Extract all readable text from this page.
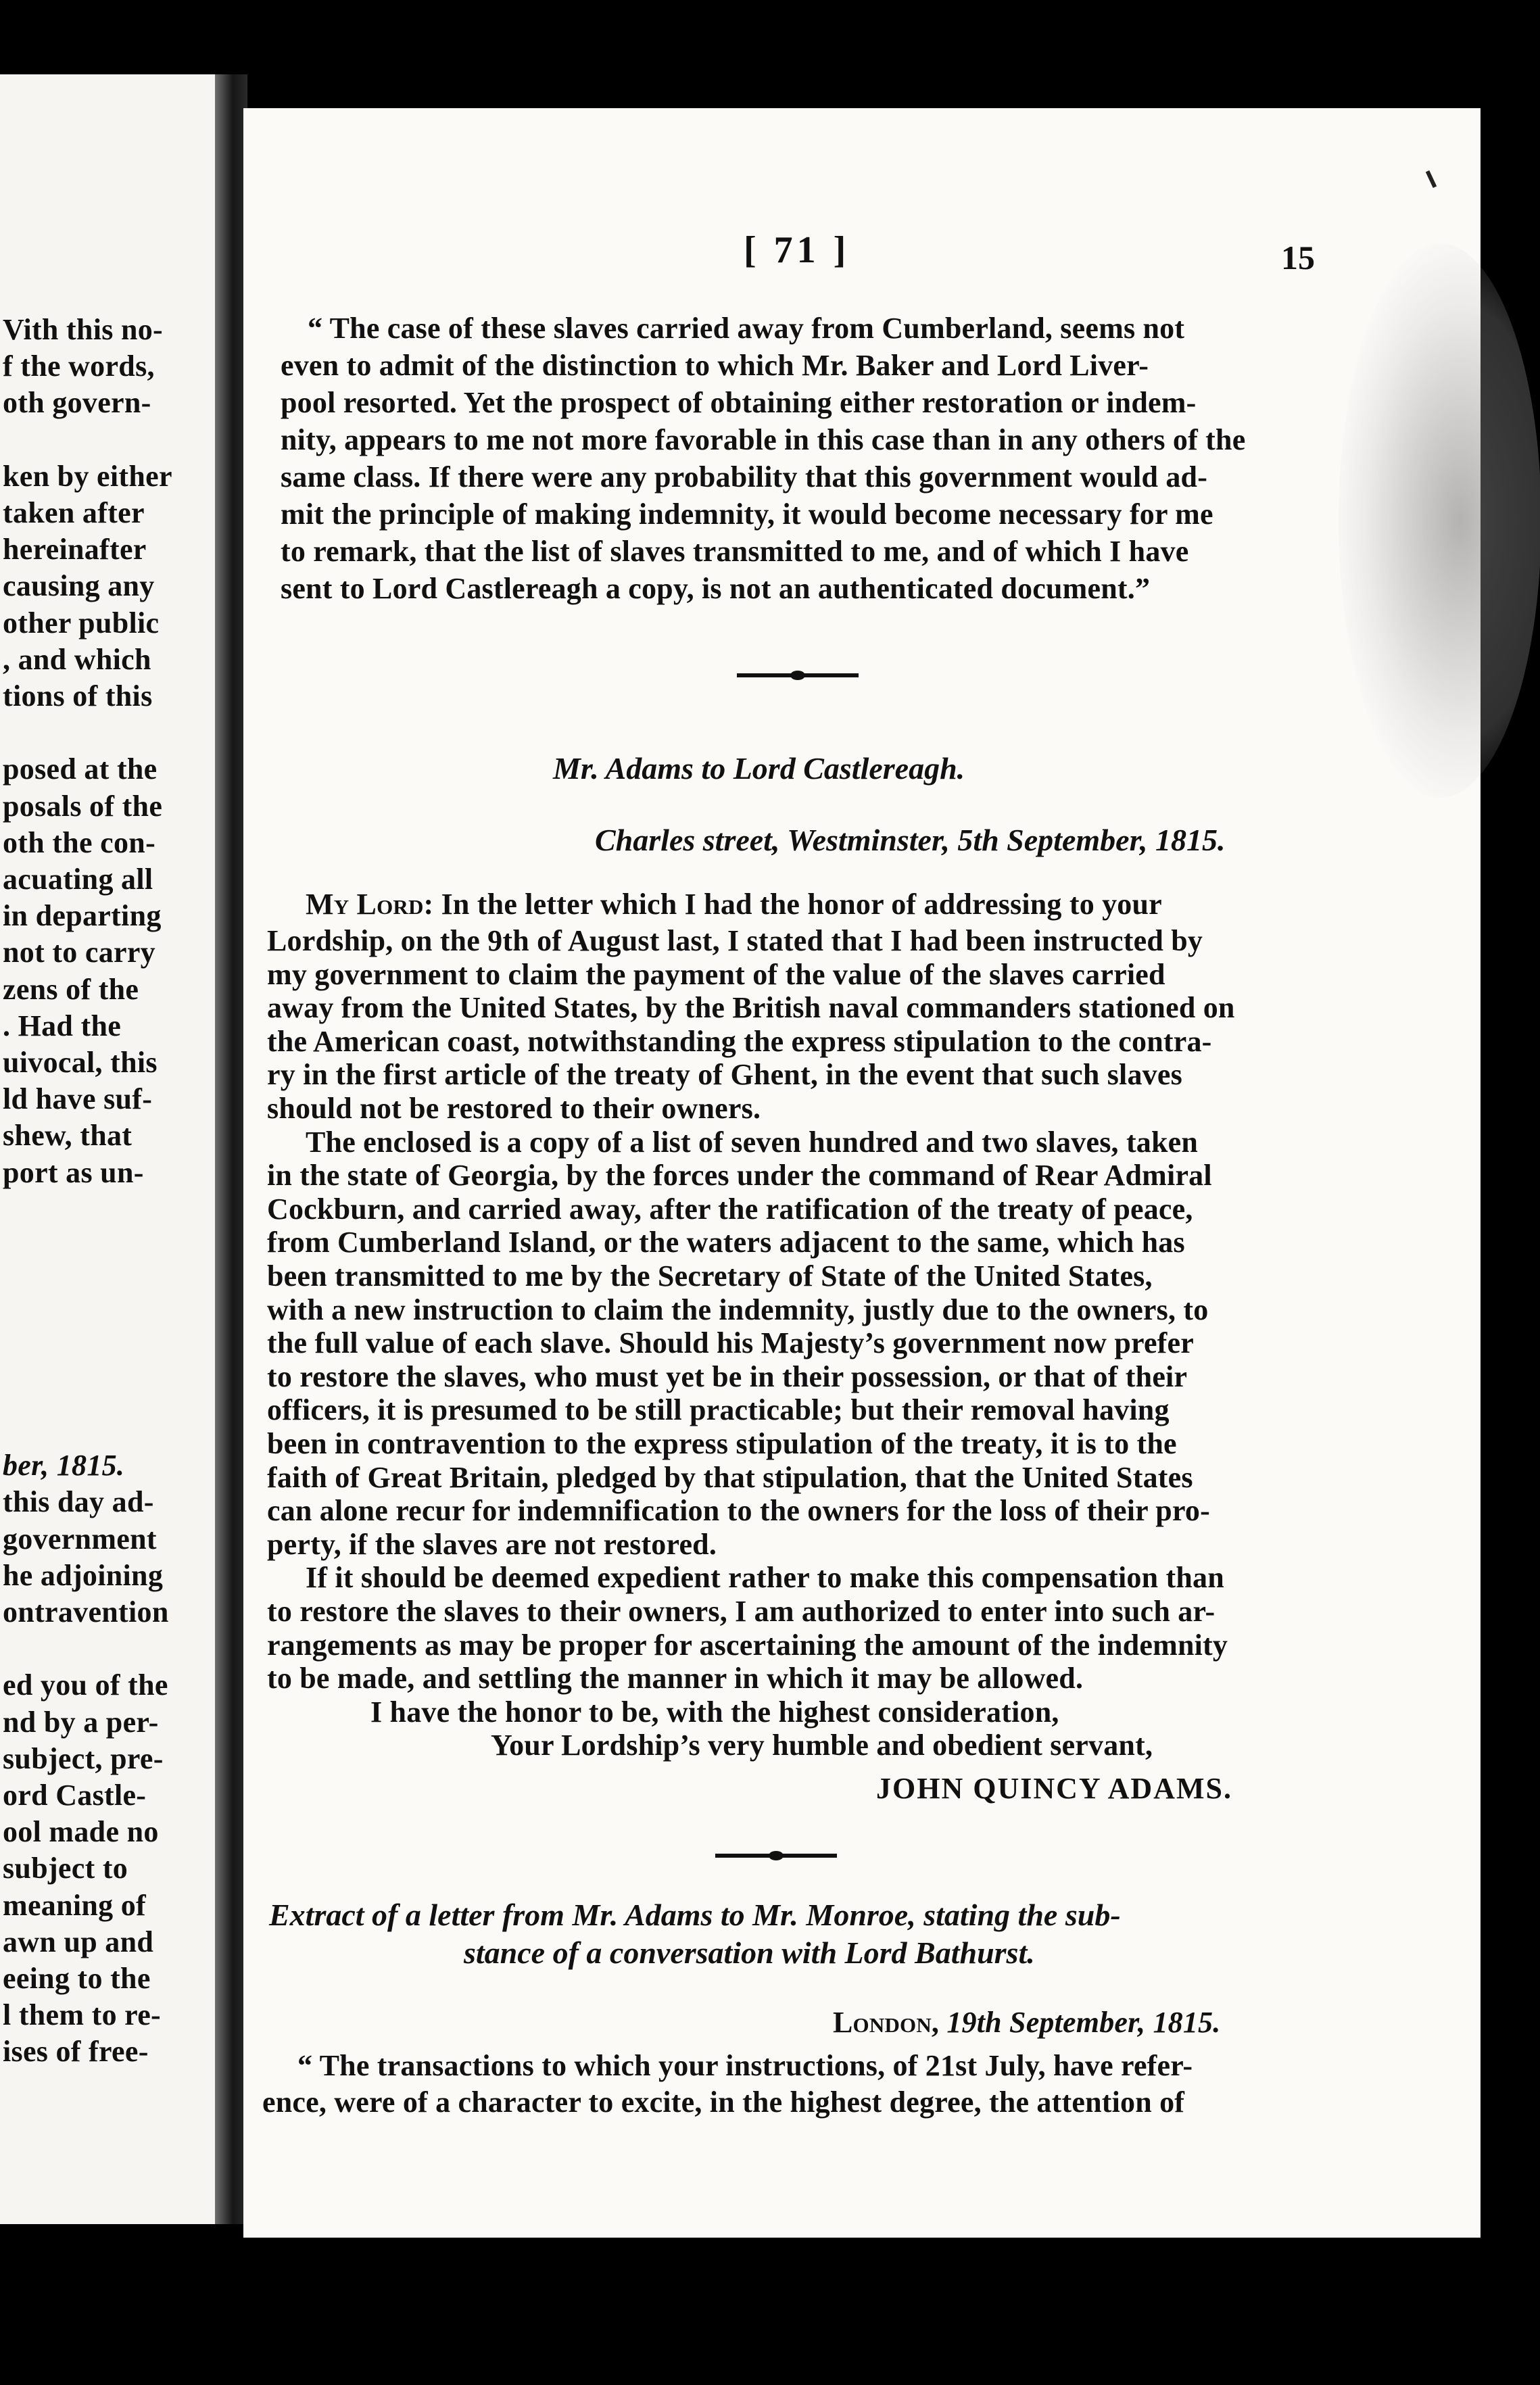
Vith this no-
f the words,
oth govern-
ken by either
taken after
hereinafter
causing any
other public
, and which
tions of this
posed at the
posals of the
oth the con-
acuating all
in departing
not to carry
zens of the
. Had the
uivocal, this
ld have suf-
shew, that
port as un-
ber, 1815.
this day ad-
government
he adjoining
ontravention
ed you of the
nd by a per-
subject, pre-
ord Castle-
ool made no
subject to
meaning of
awn up and
eeing to the
l them to re-
ises of free-
[ 71 ]	15
Mr. Adams to Lord Castlereagh.
Charles street, Westminster, 5th September, 1815.
My Lord: In the letter which I had the honor of addressing to your
JOHN QUINCY ADAMS.
Extract of a letter from Mr. Adams to Mr. Monroe, stating the sub-
stance of a conversation with Lord Bathurst.
London, 19th September, 1815.
“ The case of these slaves carried away from Cumberland, seems not
even to admit of the distinction to which Mr. Baker and Lord Liver-
pool resorted. Yet the prospect of obtaining either restoration or indem-
nity, appears to me not more favorable in this case than in any others of the
same class. If there were any probability that this government would ad-
mit the principle of making indemnity, it would become necessary for me
to remark, that the list of slaves transmitted to me, and of which I have
sent to Lord Castlereagh a copy, is not an authenticated document.”
Lordship, on the 9th of August last, I stated that I had been instructed by
my government to claim the payment of the value of the slaves carried
away from the United States, by the British naval commanders stationed on
the American coast, notwithstanding the express stipulation to the contra-
ry in the first article of the treaty of Ghent, in the event that such slaves
should not be restored to their owners.
The enclosed is a copy of a list of seven hundred and two slaves, taken
in the state of Georgia, by the forces under the command of Rear Admiral
Cockburn, and carried away, after the ratification of the treaty of peace,
from Cumberland Island, or the waters adjacent to the same, which has
been transmitted to me by the Secretary of State of the United States,
with a new instruction to claim the indemnity, justly due to the owners, to
the full value of each slave. Should his Majesty’s government now prefer
to restore the slaves, who must yet be in their possession, or that of their
officers, it is presumed to be still practicable; but their removal having
been in contravention to the express stipulation of the treaty, it is to the
faith of Great Britain, pledged by that stipulation, that the United States
can alone recur for indemnification to the owners for the loss of their pro-
perty, if the slaves are not restored.
If it should be deemed expedient rather to make this compensation than
to restore the slaves to their owners, I am authorized to enter into such ar-
rangements as may be proper for ascertaining the amount of the indemnity
to be made, and settling the manner in which it may be allowed.
I have the honor to be, with the highest consideration,
Your Lordship’s very humble and obedient servant,
“ The transactions to which your instructions, of 21st July, have refer-
ence, were of a character to excite, in the highest degree, the attention of
